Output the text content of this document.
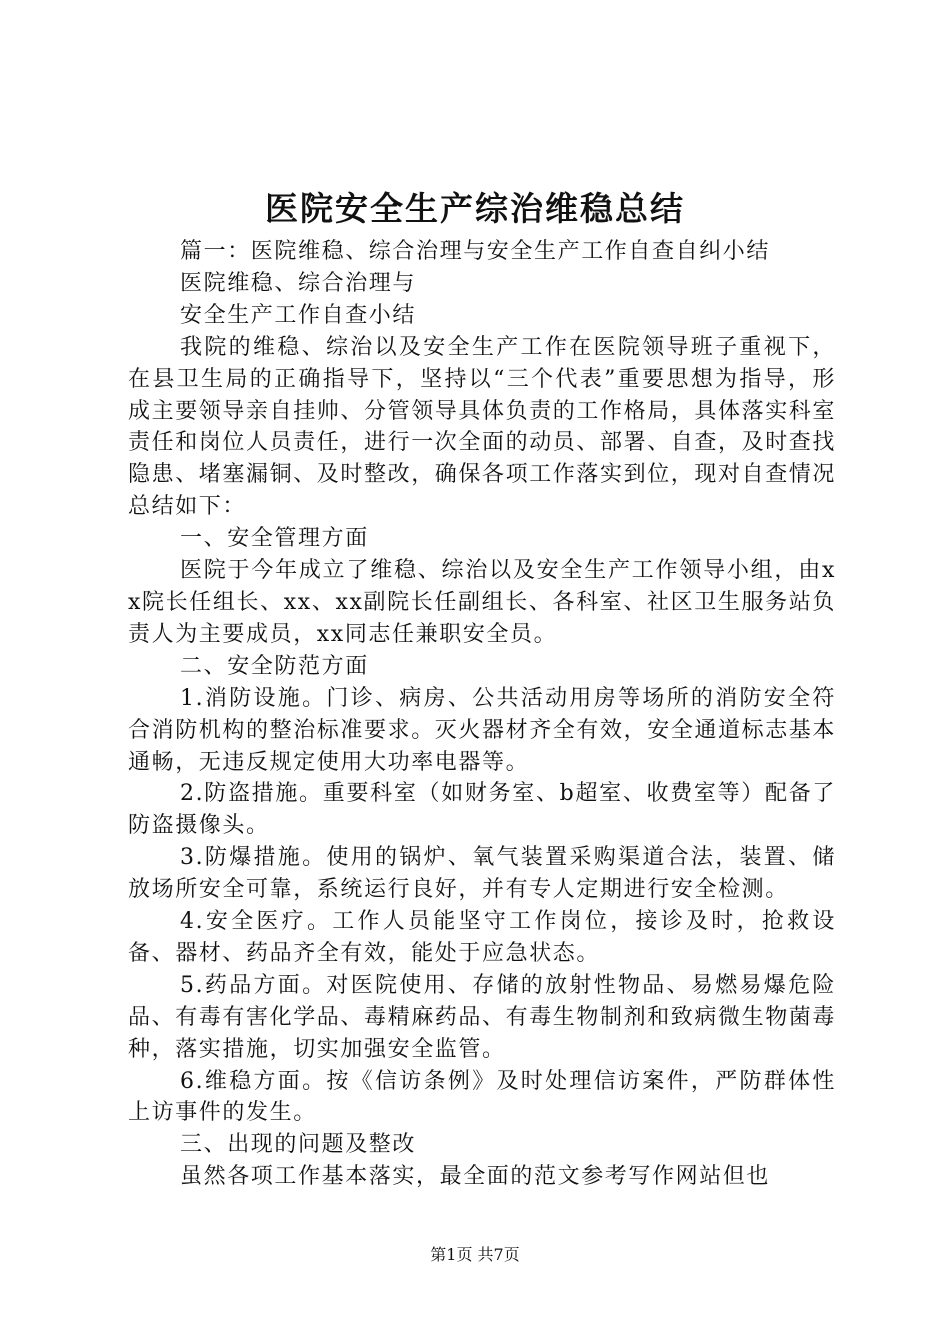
医院安全生产综治维稳总结

篇一：医院维稳、综合治理与安全生产工作自查自纠小结

医院维稳、综合治理与

安全生产工作自查小结

我院的维稳、综治以及安全生产工作在医院领导班子重视下，在县卫生局的正确指导下，坚持以“三个代表”重要思想为指导，形成主要领导亲自挂帅、分管领导具体负责的工作格局，具体落实科室责任和岗位人员责任，进行一次全面的动员、部署、自查，及时查找隐患、堵塞漏铜、及时整改，确保各项工作落实到位，现对自查情况总结如下：

一、安全管理方面

医院于今年成立了维稳、综治以及安全生产工作领导小组，由xx院长任组长、xx、xx副院长任副组长、各科室、社区卫生服务站负责人为主要成员，xx同志任兼职安全员。

二、安全防范方面

1.消防设施。门诊、病房、公共活动用房等场所的消防安全符合消防机构的整治标准要求。灭火器材齐全有效，安全通道标志基本通畅，无违反规定使用大功率电器等。

2.防盗措施。重要科室（如财务室、b超室、收费室等）配备了防盗摄像头。

3.防爆措施。使用的锅炉、氧气装置采购渠道合法，装置、储放场所安全可靠，系统运行良好，并有专人定期进行安全检测。

4.安全医疗。工作人员能坚守工作岗位，接诊及时，抢救设备、器材、药品齐全有效，能处于应急状态。

5.药品方面。对医院使用、存储的放射性物品、易燃易爆危险品、有毒有害化学品、毒精麻药品、有毒生物制剂和致病微生物菌毒种，落实措施，切实加强安全监管。

6.维稳方面。按《信访条例》及时处理信访案件，严防群体性上访事件的发生。

三、出现的问题及整改

虽然各项工作基本落实，最全面的范文参考写作网站但也

第1页 共7页
